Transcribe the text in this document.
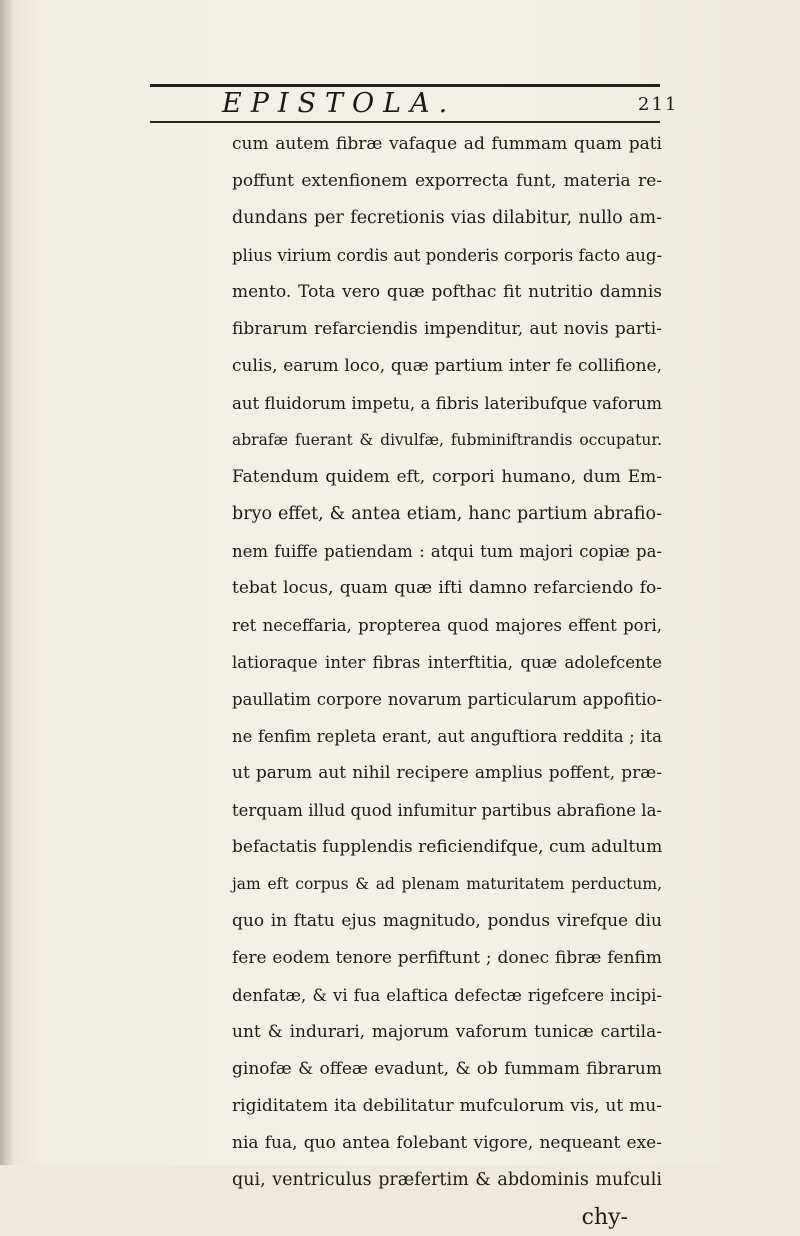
EPISTOLA.	211
cum autem fibræ vafaque ad fummam quam pati
poffunt extenfionem exporrecta funt, materia re-
dundans per fecretionis vias dilabitur, nullo am-
plius virium cordis aut ponderis corporis facto aug-
mento. Tota vero quæ pofthac fit nutritio damnis
fibrarum refarciendis impenditur, aut novis parti-
culis, earum loco, quæ partium inter fe collifione,
aut fluidorum impetu, a fibris lateribufque vaforum
abrafæ fuerant & divulfæ, fubminiftrandis occupatur.
Fatendum quidem eft, corpori humano, dum Em-
bryo effet, & antea etiam, hanc partium abrafio-
nem fuiffe patiendam : atqui tum majori copiæ pa-
tebat locus, quam quæ ifti damno refarciendo fo-
ret neceffaria, propterea quod majores effent pori,
latioraque inter fibras interftitia, quæ adolefcente
paullatim corpore novarum particularum appofitio-
ne fenfim repleta erant, aut anguftiora reddita ; ita
ut parum aut nihil recipere amplius poffent, præ-
terquam illud quod infumitur partibus abrafione la-
befactatis fupplendis reficiendifque, cum adultum
jam eft corpus & ad plenam maturitatem perductum,
quo in ftatu ejus magnitudo, pondus virefque diu
fere eodem tenore perfiftunt ; donec fibræ fenfim
denfatæ, & vi fua elaftica defectæ rigefcere incipi-
unt & indurari, majorum vaforum tunicæ cartila-
ginofæ & offeæ evadunt, & ob fummam fibrarum
rigiditatem ita debilitatur mufculorum vis, ut mu-
nia fua, quo antea folebant vigore, nequeant exe-
qui, ventriculus præfertim & abdominis mufculi
chy-
